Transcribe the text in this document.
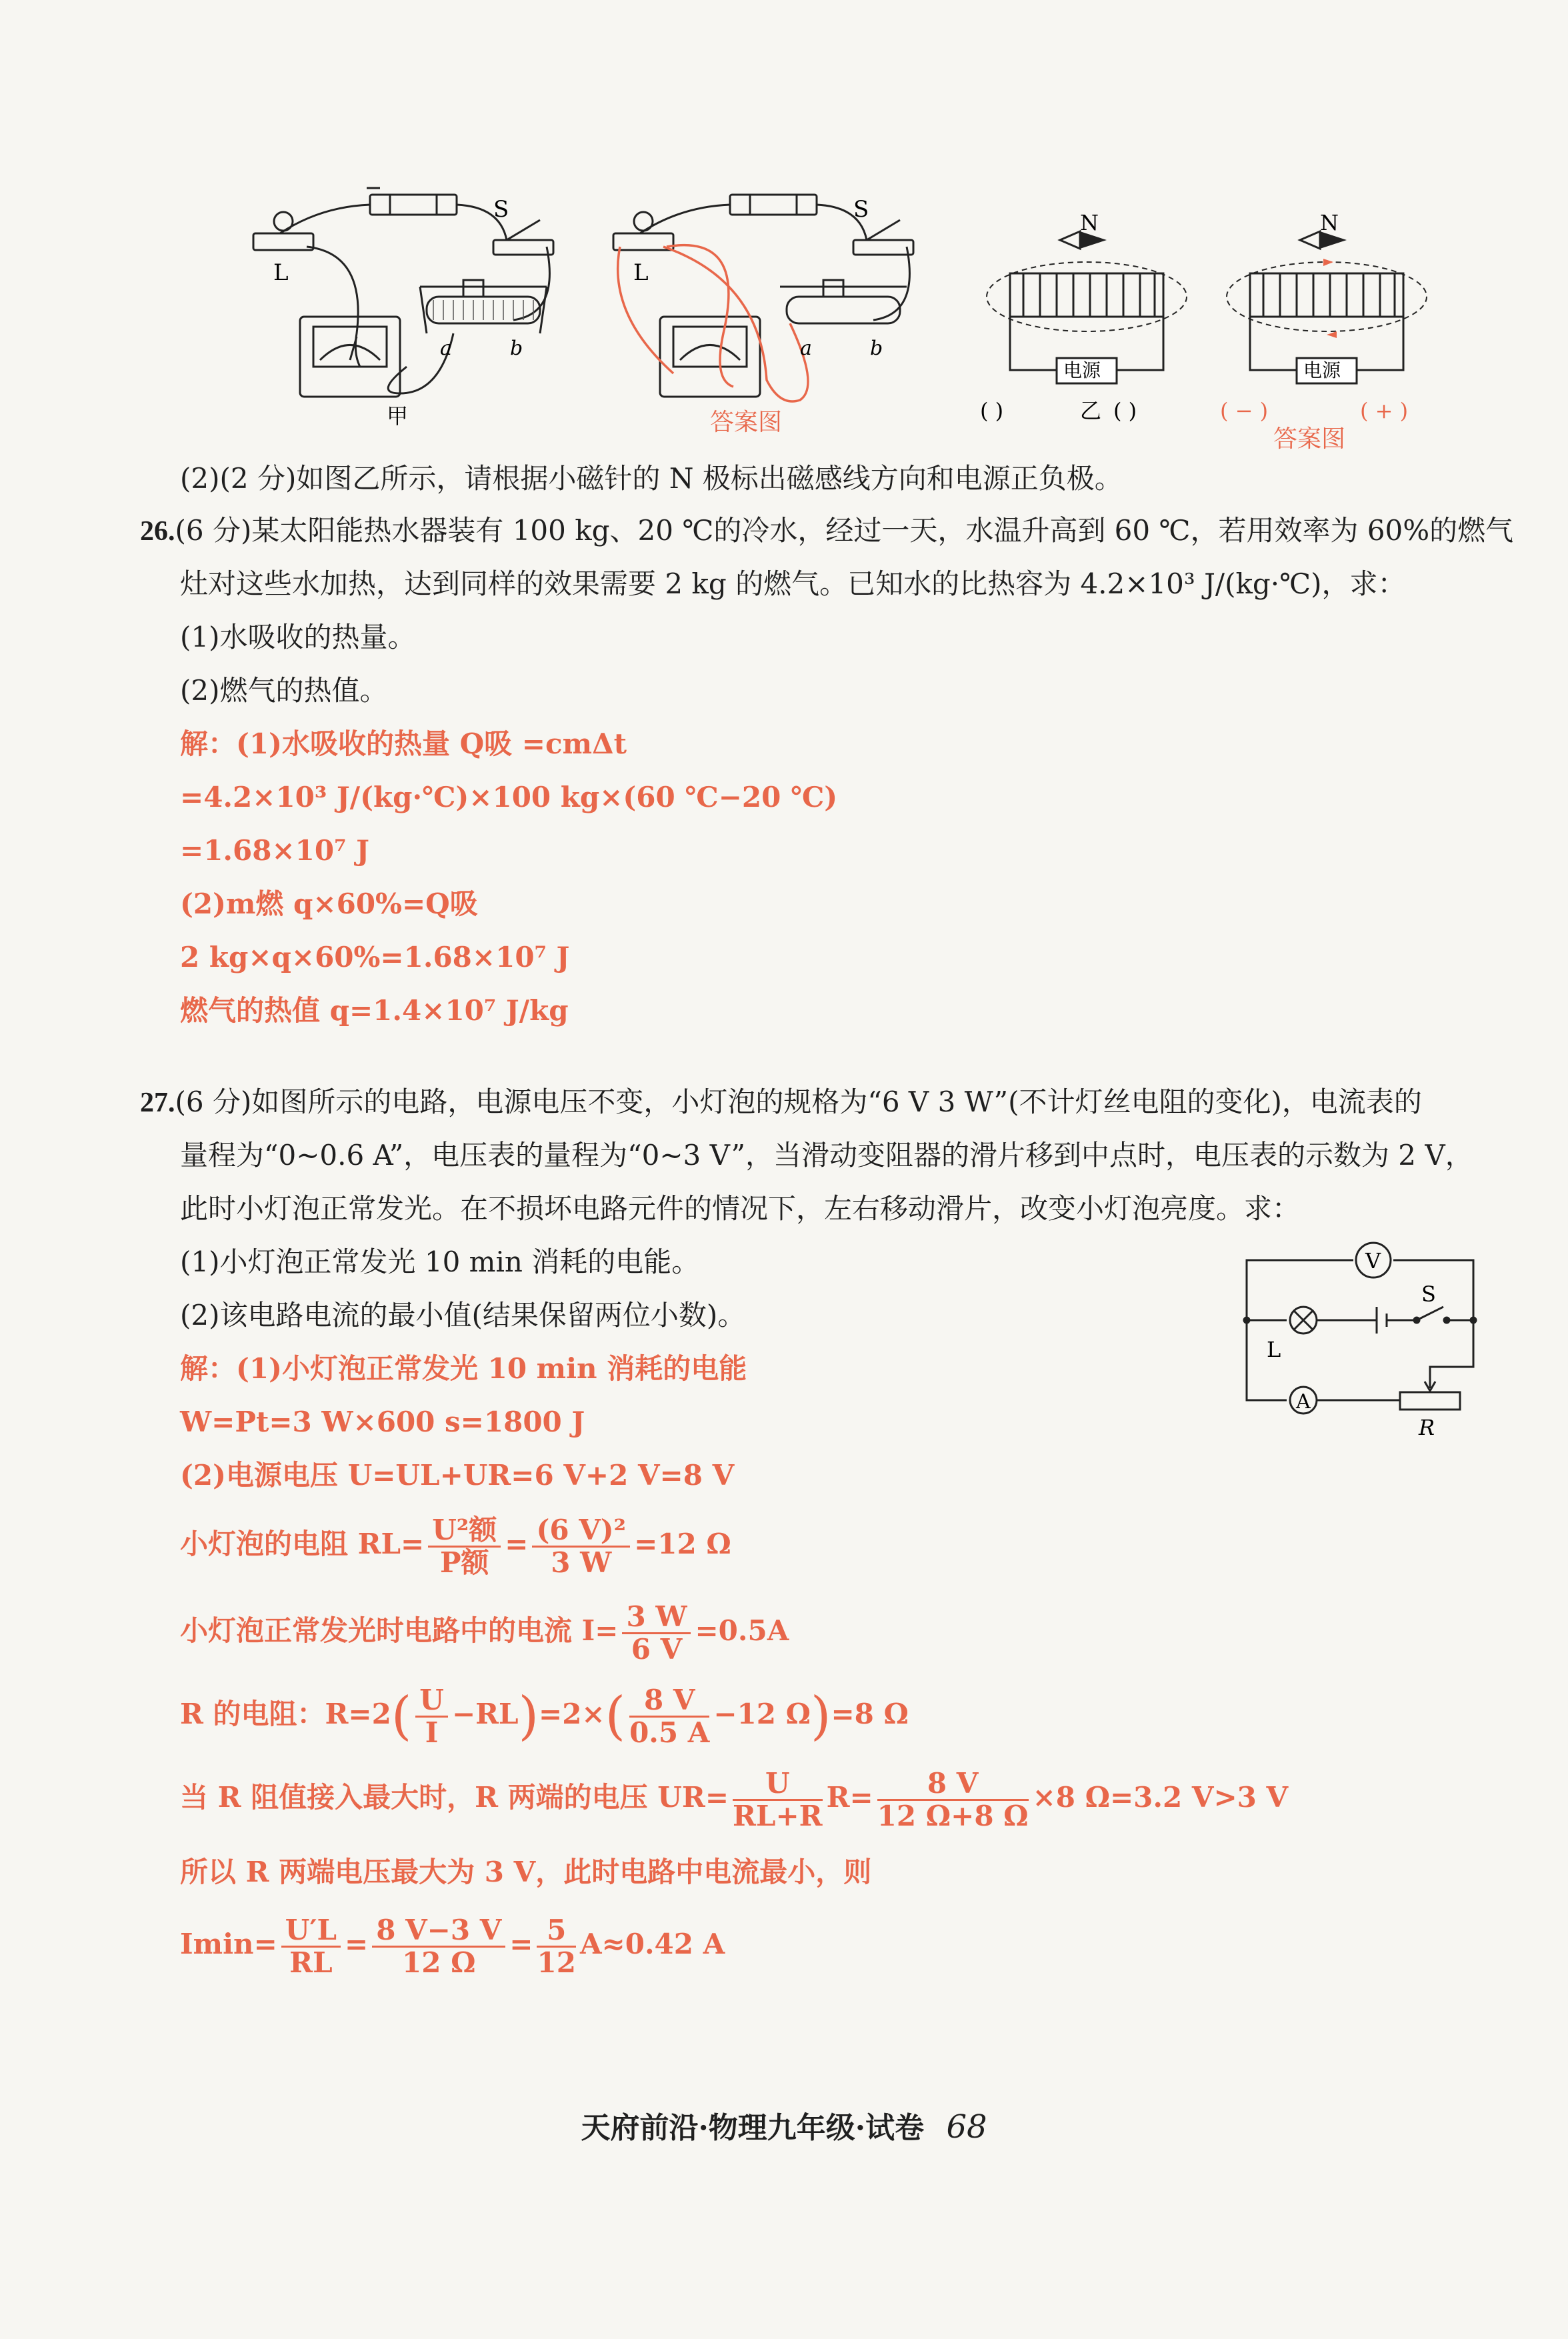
L
S
a	b
甲
L
S
a	b
答案图
N
电源
( )	乙 ( )
N
电源
( − )	( + )
答案图
(2)(2 分)如图乙所示，请根据小磁针的 N 极标出磁感线方向和电源正负极。
26.(6 分)某太阳能热水器装有 100 kg、20 ℃的冷水，经过一天，水温升高到 60 ℃，若用效率为 60%的燃气
灶对这些水加热，达到同样的效果需要 2 kg 的燃气。已知水的比热容为 4.2×10³ J/(kg·℃)，求：
(1)水吸收的热量。
(2)燃气的热值。
解：(1)水吸收的热量 Q吸 =cmΔt
=4.2×10³ J/(kg·℃)×100 kg×(60 ℃−20 ℃)
=1.68×10⁷ J
(2)m燃 q×60%=Q吸
2 kg×q×60%=1.68×10⁷ J
燃气的热值 q=1.4×10⁷ J/kg
27.(6 分)如图所示的电路，电源电压不变，小灯泡的规格为“6 V 3 W”(不计灯丝电阻的变化)，电流表的
量程为“0~0.6 A”，电压表的量程为“0~3 V”，当滑动变阻器的滑片移到中点时，电压表的示数为 2 V，
此时小灯泡正常发光。在不损坏电路元件的情况下，左右移动滑片，改变小灯泡亮度。求：
(1)小灯泡正常发光 10 min 消耗的电能。
(2)该电路电流的最小值(结果保留两位小数)。
解：(1)小灯泡正常发光 10 min 消耗的电能
W=Pt=3 W×600 s=1800 J
(2)电源电压 U=UL+UR=6 V+2 V=8 V
小灯泡的电阻 $RL= \frac{\text{U²额}}{\text{P额}} = \frac{\text{(6 V)²}}{3 W} =12$ Ω
小灯泡正常发光时电路中的电流 $I= \frac{3 W}{6 V} =0.5A$
R 的电阻：$R=2( \frac{U}{I} -RL)=2\times( \frac{8 V}{0.5 A} -12$ Ω)=8 Ω
当 R 阻值接入最大时，R 两端的电压 $UR= \frac{U}{RL+R} R= \frac{8 V}{12 \Omega+8 \Omega} \times 8$ Ω=3.2 V>3 V
所以 R 两端电压最大为 3 V，此时电路中电流最小，则
$Imin= \frac{U'L}{RL} = \frac{8 V-3 V}{12 \Omega} = \frac{5}{12} A\approx 0.42$ A
V
S
L
A
R
天府前沿·物理九年级·试卷 68
